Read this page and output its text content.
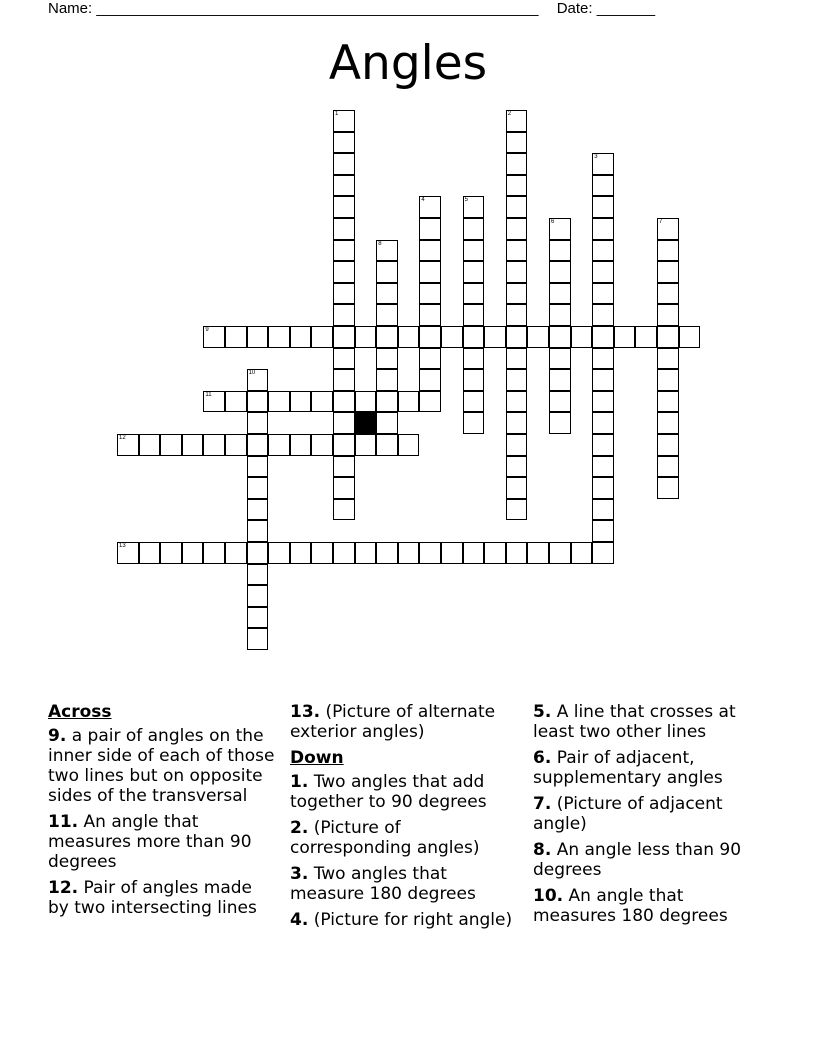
Name: _____________________________________________________ Date: _______
Angles
1	2
3
4	5
6	7
8
9
10
11
12
13
Across
9. a pair of angles on the inner side of each of those two lines but on opposite sides of the transversal
11. An angle that measures more than 90 degrees
12. Pair of angles made by two intersecting lines
13. (Picture of alternate exterior angles)
Down
1. Two angles that add together to 90 degrees
2. (Picture of corresponding angles)
3. Two angles that measure 180 degrees
4. (Picture for right angle)
5. A line that crosses at least two other lines
6. Pair of adjacent, supplementary angles
7. (Picture of adjacent angle)
8. An angle less than 90 degrees
10. An angle that measures 180 degrees
